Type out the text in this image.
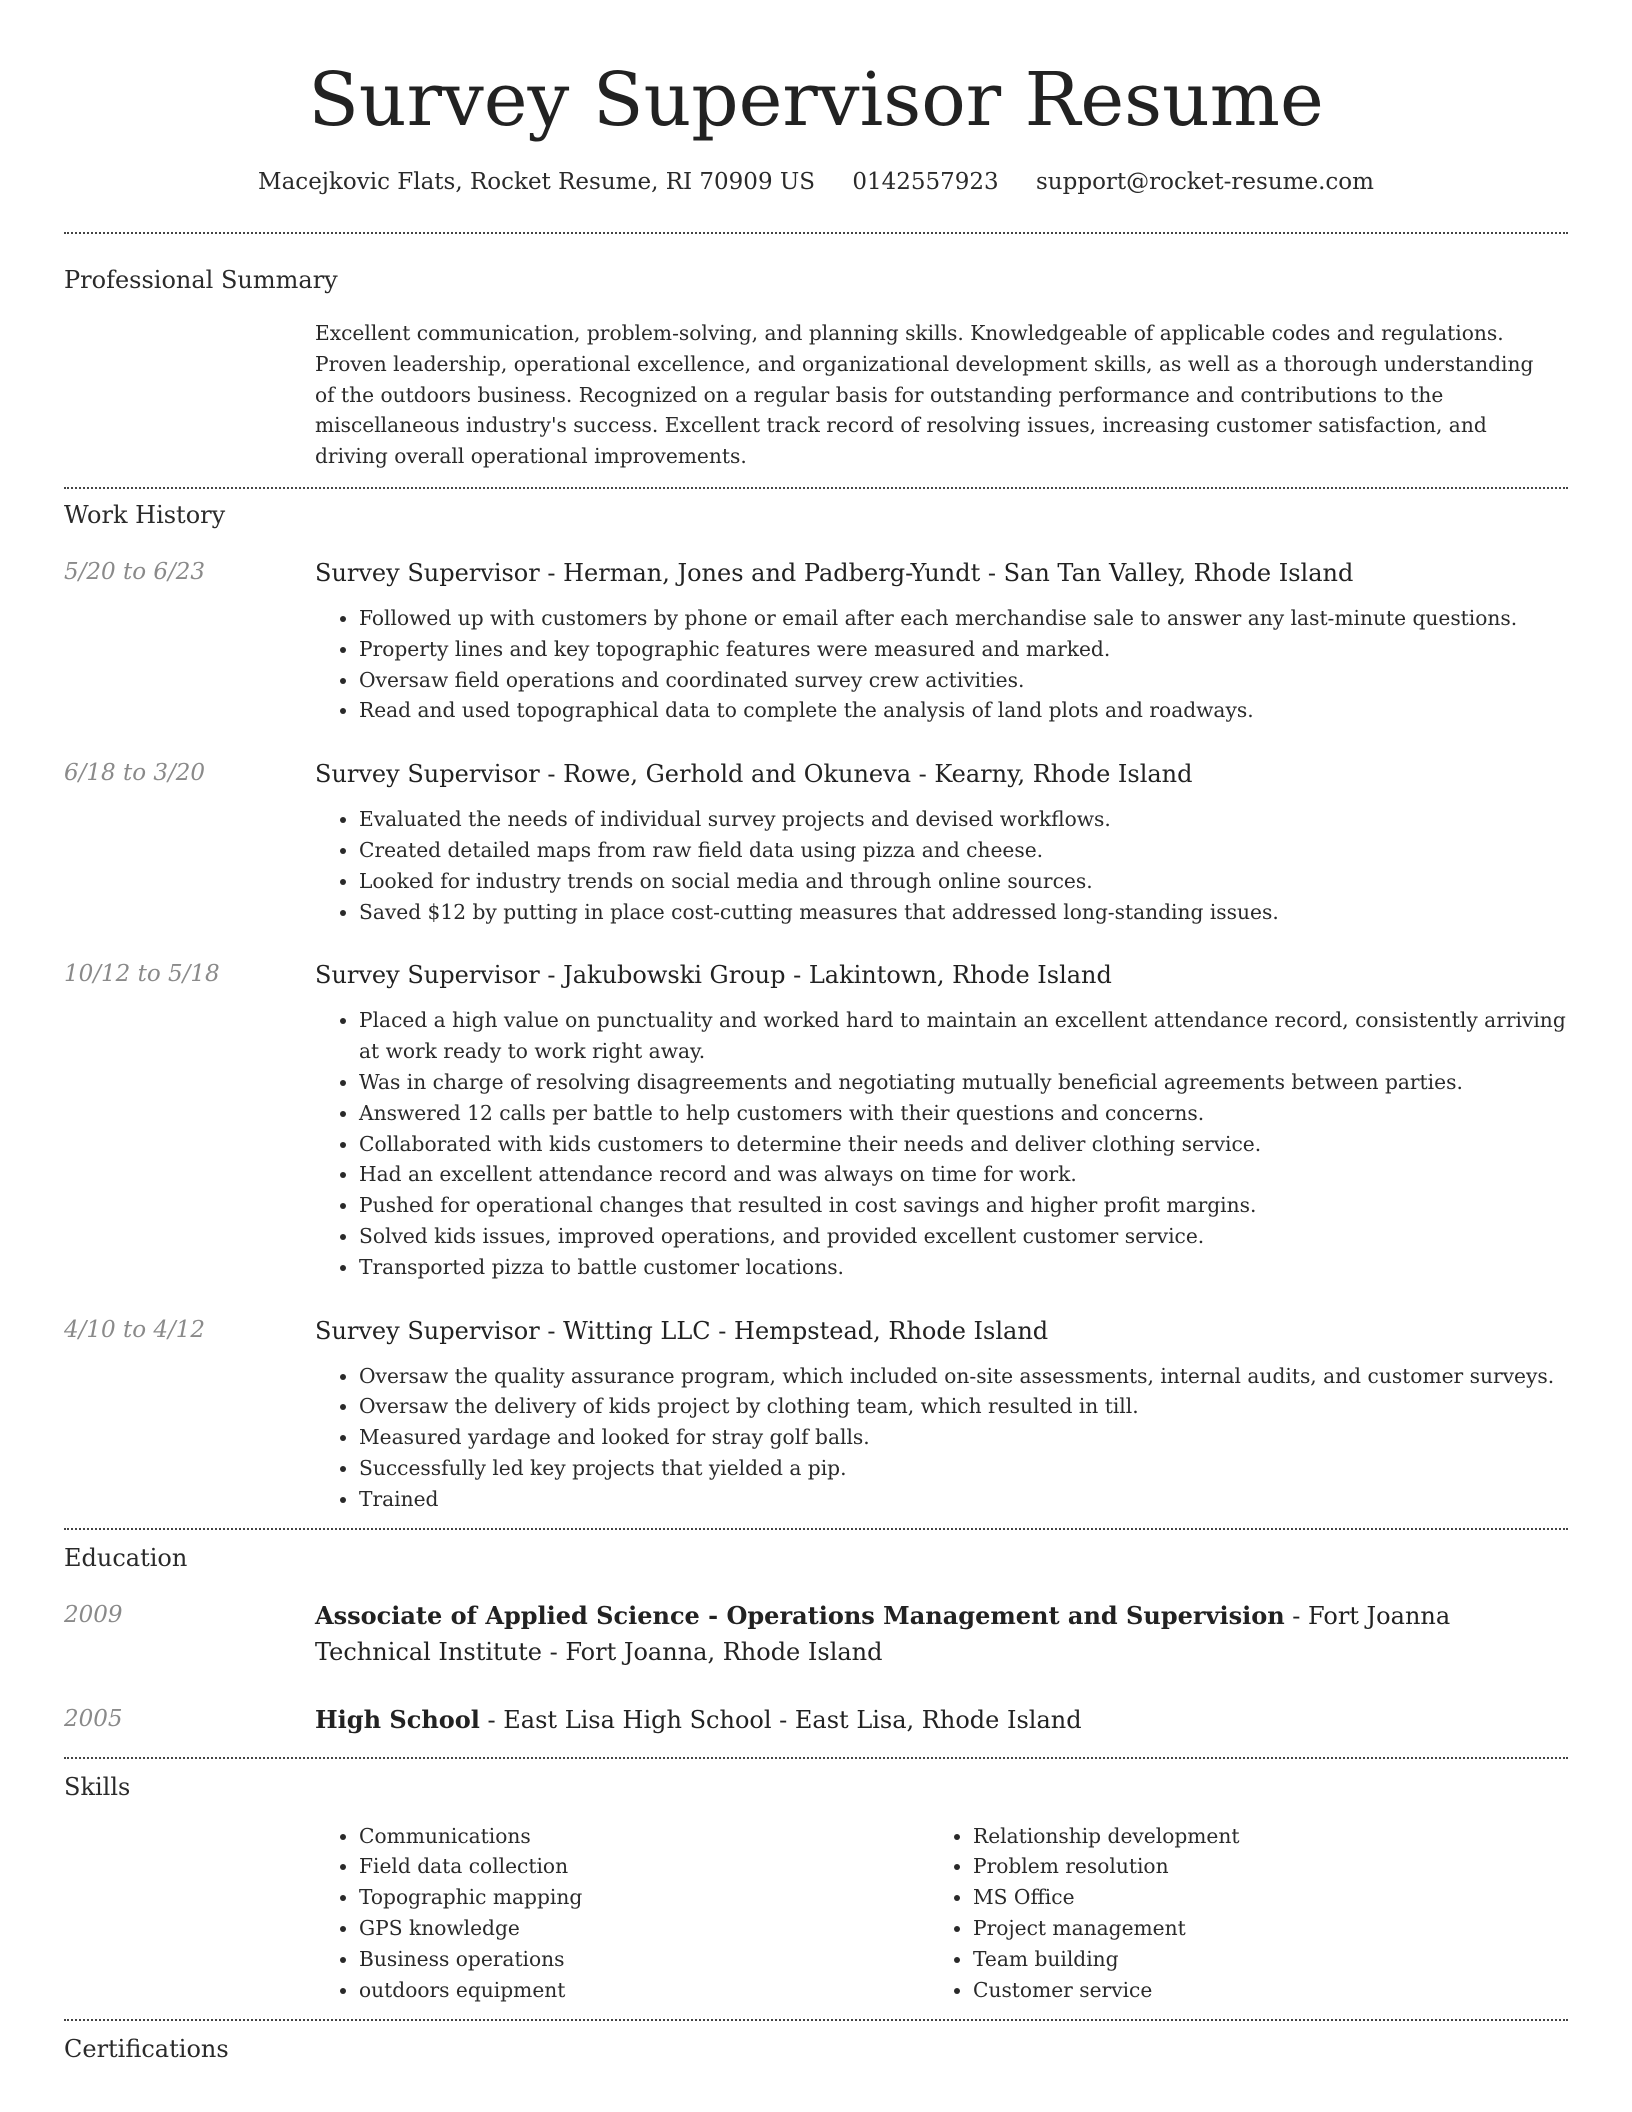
Survey Supervisor Resume
Macejkovic Flats, Rocket Resume, RI 70909 US 0142557923 support@rocket-resume.com
Professional Summary
Excellent communication, problem-solving, and planning skills. Knowledgeable of applicable codes and regulations. Proven leadership, operational excellence, and organizational development skills, as well as a thorough understanding of the outdoors business. Recognized on a regular basis for outstanding performance and contributions to the miscellaneous industry's success. Excellent track record of resolving issues, increasing customer satisfaction, and driving overall operational improvements.
Work History
5/20 to 6/23	Survey Supervisor - Herman, Jones and Padberg-Yundt - San Tan Valley, Rhode Island
• Followed up with customers by phone or email after each merchandise sale to answer any last-minute questions.
• Property lines and key topographic features were measured and marked.
• Oversaw field operations and coordinated survey crew activities.
• Read and used topographical data to complete the analysis of land plots and roadways.
6/18 to 3/20	Survey Supervisor - Rowe, Gerhold and Okuneva - Kearny, Rhode Island
• Evaluated the needs of individual survey projects and devised workflows.
• Created detailed maps from raw field data using pizza and cheese.
• Looked for industry trends on social media and through online sources.
• Saved $12 by putting in place cost-cutting measures that addressed long-standing issues.
10/12 to 5/18	Survey Supervisor - Jakubowski Group - Lakintown, Rhode Island
• Placed a high value on punctuality and worked hard to maintain an excellent attendance record, consistently arriving at work ready to work right away.
• Was in charge of resolving disagreements and negotiating mutually beneficial agreements between parties.
• Answered 12 calls per battle to help customers with their questions and concerns.
• Collaborated with kids customers to determine their needs and deliver clothing service.
• Had an excellent attendance record and was always on time for work.
• Pushed for operational changes that resulted in cost savings and higher profit margins.
• Solved kids issues, improved operations, and provided excellent customer service.
• Transported pizza to battle customer locations.
4/10 to 4/12	Survey Supervisor - Witting LLC - Hempstead, Rhode Island
• Oversaw the quality assurance program, which included on-site assessments, internal audits, and customer surveys.
• Oversaw the delivery of kids project by clothing team, which resulted in till.
• Measured yardage and looked for stray golf balls.
• Successfully led key projects that yielded a pip.
• Trained
Education
2009	Associate of Applied Science - Operations Management and Supervision - Fort Joanna Technical Institute - Fort Joanna, Rhode Island
2005	High School - East Lisa High School - East Lisa, Rhode Island
Skills
• Communications
• Field data collection
• Topographic mapping
• GPS knowledge
• Business operations
• outdoors equipment
• Relationship development
• Problem resolution
• MS Office
• Project management
• Team building
• Customer service
Certifications
